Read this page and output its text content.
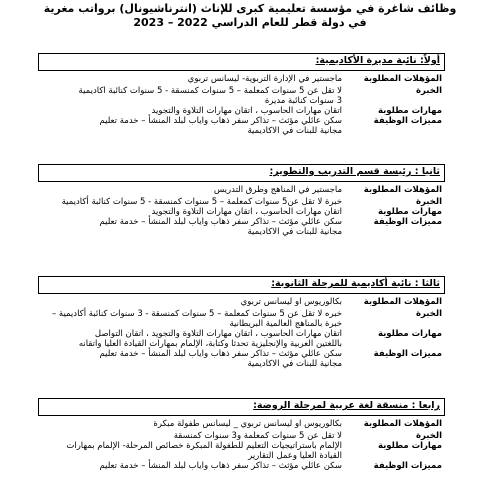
وظائف شاغرة في مؤسسة تعليمية كبرى للإناث (انترناشيونال) برواتب مغرية
في دولة قطر للعام الدراسي 2022 – 2023
أولاً: نائبة مديرة الأكاديمية:
المؤهلات المطلوبة
ماجستير في الإدارة التربوية- ليسانس تربوي
الخبرة
لا تقل عن 5 سنوات كمعلمة – 5 سنوات كمنسقة - 5 سنوات كنائبة اكاديمية
3 سنوات كنائبة مديرة
مهارات مطلوبة
اتقان مهارات الحاسوب ، اتقان مهارات التلاوة والتجويد
مميزات الوظيفة
سكن عائلي مؤثث – تذاكر سفر ذهاب واياب لبلد المنشأ – خدمة تعليم
مجانية للبنات في الاكاديمية
ثانيا : رئيسة قسم التدريب والتطوير:
المؤهلات المطلوبة
ماجستير في المناهج وطرق التدريس
الخبرة
خبرة لا تقل عن5 سنوات كمعلمة – 5 سنوات كمنسقة - 5 سنوات كنائبة أكاديمية
مهارات مطلوبة
اتقان مهارات الحاسوب ، اتقان مهارات التلاوة والتجويد
مميزات الوظيفة
سكن عائلي مؤثث – تذاكر سفر ذهاب واياب لبلد المنشأ – خدمة تعليم
مجانية للبنات في الاكاديمية
ثالثا : نائبة أكاديمية للمرحلة الثانوية:
المؤهلات المطلوبة
بكالوريوس او ليسانس تربوي
الخبرة
خبره لا تقل عن 5 سنوات كمعلمة – 5 سنوات كمنسقة - 3 سنوات كنائبة أكاديمية –
خبرة بالمناهج العالمية البريطانية
مهارات مطلوبة
اتقان مهارات الحاسوب ، اتقان مهارات التلاوة والتجويد ، اتقان التواصل
باللغتين العربية والإنجليزية تحدثا وكتابة، الإلمام بمهارات القيادة العليا واتقانه
مميزات الوظيفة
سكن عائلي مؤثث – تذاكر سفر ذهاب واياب لبلد المنشأ – خدمة تعليم
مجانية للبنات في الاكاديمية
رابعا : منسقة لغة عربية لمرحلة الروضة:
المؤهلات المطلوبة
بكالوريوس او ليسانس تربوي _ ليسانس طفولة مبكرة
الخبرة
لا تقل عن 5 سنوات كمعلمة و3 سنوات كمنسقة
مهارات مطلوبة
الإلمام باستراتيجيات التعليم للطفولة المبكرة خصائص المرحلة- الإلمام بمهارات
القيادة العليا وعمل التقارير
مميزات الوظيفة
سكن عائلي مؤثث – تذاكر سفر ذهاب واياب لبلد المنشأ – خدمة تعليم
